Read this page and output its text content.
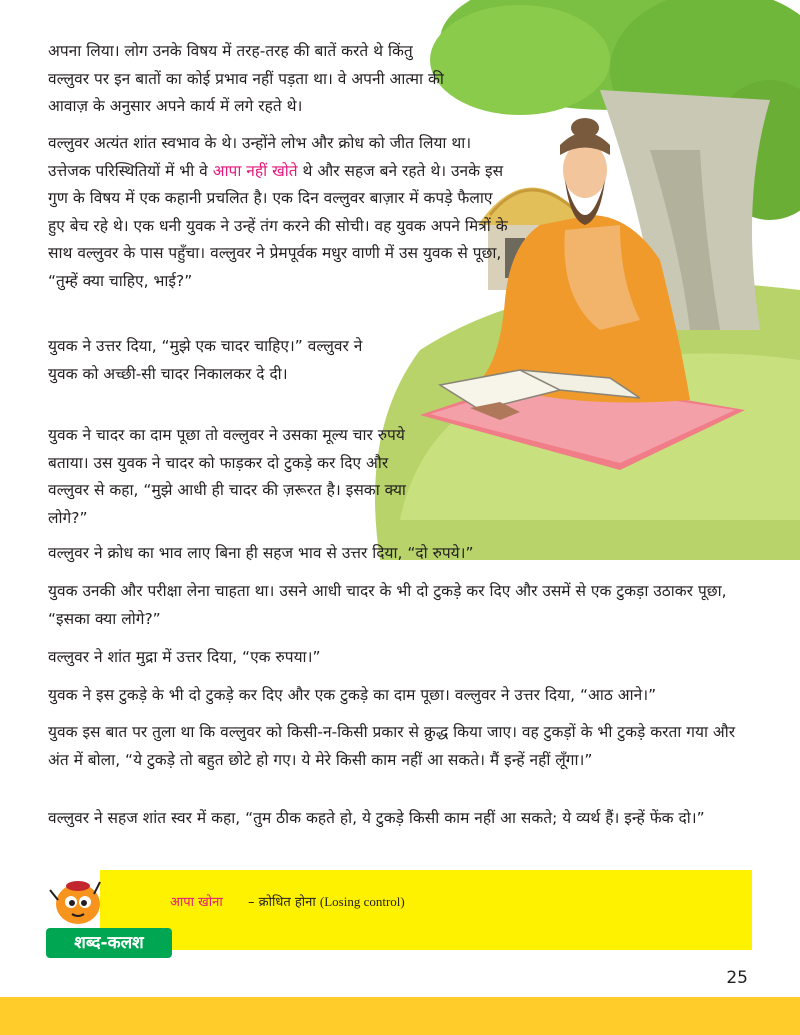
अपना लिया। लोग उनके विषय में तरह-तरह की बातें करते थे किंतु वल्लुवर पर इन बातों का कोई प्रभाव नहीं पड़ता था। वे अपनी आत्मा की आवाज़ के अनुसार अपने कार्य में लगे रहते थे।

वल्लुवर अत्यंत शांत स्वभाव के थे। उन्होंने लोभ और क्रोध को जीत लिया था। उत्तेजक परिस्थितियों में भी वे आपा नहीं खोते थे और सहज बने रहते थे। उनके इस गुण के विषय में एक कहानी प्रचलित है। एक दिन वल्लुवर बाज़ार में कपड़े फैलाए हुए बेच रहे थे। एक धनी युवक ने उन्हें तंग करने की सोची। वह युवक अपने मित्रों के साथ वल्लुवर के पास पहुँचा। वल्लुवर ने प्रेमपूर्वक मधुर वाणी में उस युवक से पूछा, “तुम्हें क्या चाहिए, भाई?”

युवक ने उत्तर दिया, “मुझे एक चादर चाहिए।” वल्लुवर ने युवक को अच्छी-सी चादर निकालकर दे दी।

युवक ने चादर का दाम पूछा तो वल्लुवर ने उसका मूल्य चार रुपये बताया। उस युवक ने चादर को फाड़कर दो टुकड़े कर दिए और वल्लुवर से कहा, “मुझे आधी ही चादर की ज़रूरत है। इसका क्या लोगे?”

वल्लुवर ने क्रोध का भाव लाए बिना ही सहज भाव से उत्तर दिया, “दो रुपये।”

युवक उनकी और परीक्षा लेना चाहता था। उसने आधी चादर के भी दो टुकड़े कर दिए और उसमें से एक टुकड़ा उठाकर पूछा, “इसका क्या लोगे?”

वल्लुवर ने शांत मुद्रा में उत्तर दिया, “एक रुपया।”

युवक ने इस टुकड़े के भी दो टुकड़े कर दिए और एक टुकड़े का दाम पूछा। वल्लुवर ने उत्तर दिया, “आठ आने।”

युवक इस बात पर तुला था कि वल्लुवर को किसी-न-किसी प्रकार से क्रुद्ध किया जाए। वह टुकड़ों के भी टुकड़े करता गया और अंत में बोला, “ये टुकड़े तो बहुत छोटे हो गए। ये मेरे किसी काम नहीं आ सकते। मैं इन्हें नहीं लूँगा।”

वल्लुवर ने सहज शांत स्वर में कहा, “तुम ठीक कहते हो, ये टुकड़े किसी काम नहीं आ सकते; ये व्यर्थ हैं। इन्हें फेंक दो।”

आपा खोना – क्रोधित होना (Losing control)
शब्द-कलश
25
